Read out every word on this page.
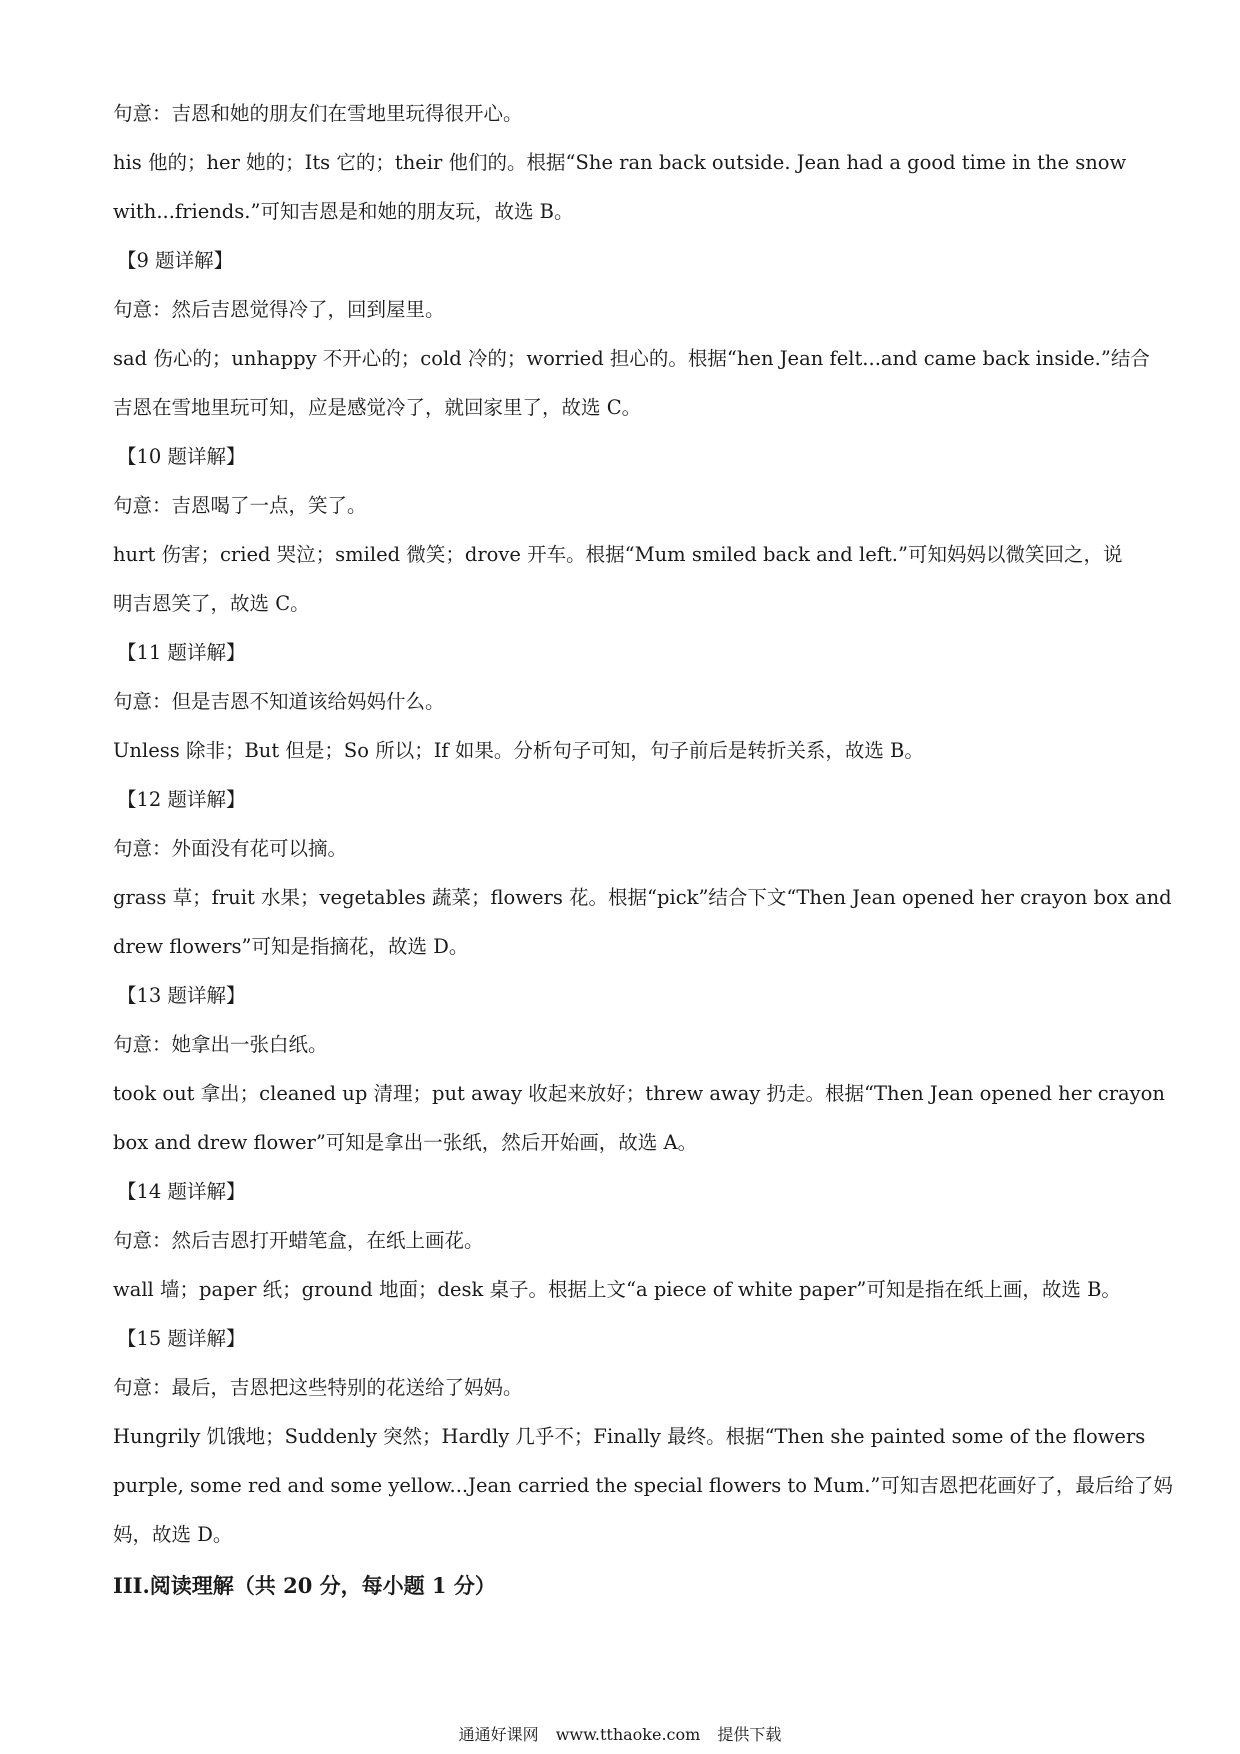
句意：吉恩和她的朋友们在雪地里玩得很开心。
his 他的；her 她的；Its 它的；their 他们的。根据“She ran back outside. Jean had a good time in the snow
with...friends.”可知吉恩是和她的朋友玩，故选 B。
【9 题详解】
句意：然后吉恩觉得冷了，回到屋里。
sad 伤心的；unhappy 不开心的；cold 冷的；worried 担心的。根据“hen Jean felt...and came back inside.”结合
吉恩在雪地里玩可知，应是感觉冷了，就回家里了，故选 C。
【10 题详解】
句意：吉恩喝了一点，笑了。
hurt 伤害；cried 哭泣；smiled 微笑；drove 开车。根据“Mum smiled back and left.”可知妈妈以微笑回之，说
明吉恩笑了，故选 C。
【11 题详解】
句意：但是吉恩不知道该给妈妈什么。
Unless 除非；But 但是；So 所以；If 如果。分析句子可知，句子前后是转折关系，故选 B。
【12 题详解】
句意：外面没有花可以摘。
grass 草；fruit 水果；vegetables 蔬菜；flowers 花。根据“pick”结合下文“Then Jean opened her crayon box and
drew flowers”可知是指摘花，故选 D。
【13 题详解】
句意：她拿出一张白纸。
took out 拿出；cleaned up 清理；put away 收起来放好；threw away 扔走。根据“Then Jean opened her crayon
box and drew flower”可知是拿出一张纸，然后开始画，故选 A。
【14 题详解】
句意：然后吉恩打开蜡笔盒，在纸上画花。
wall 墙；paper 纸；ground 地面；desk 桌子。根据上文“a piece of white paper”可知是指在纸上画，故选 B。
【15 题详解】
句意：最后，吉恩把这些特别的花送给了妈妈。
Hungrily 饥饿地；Suddenly 突然；Hardly 几乎不；Finally 最终。根据“Then she painted some of the flowers
purple, some red and some yellow...Jean carried the special flowers to Mum.”可知吉恩把花画好了，最后给了妈
妈，故选 D。
III.阅读理解（共 20 分，每小题 1 分）
通通好课网 www.tthaoke.com 提供下载
